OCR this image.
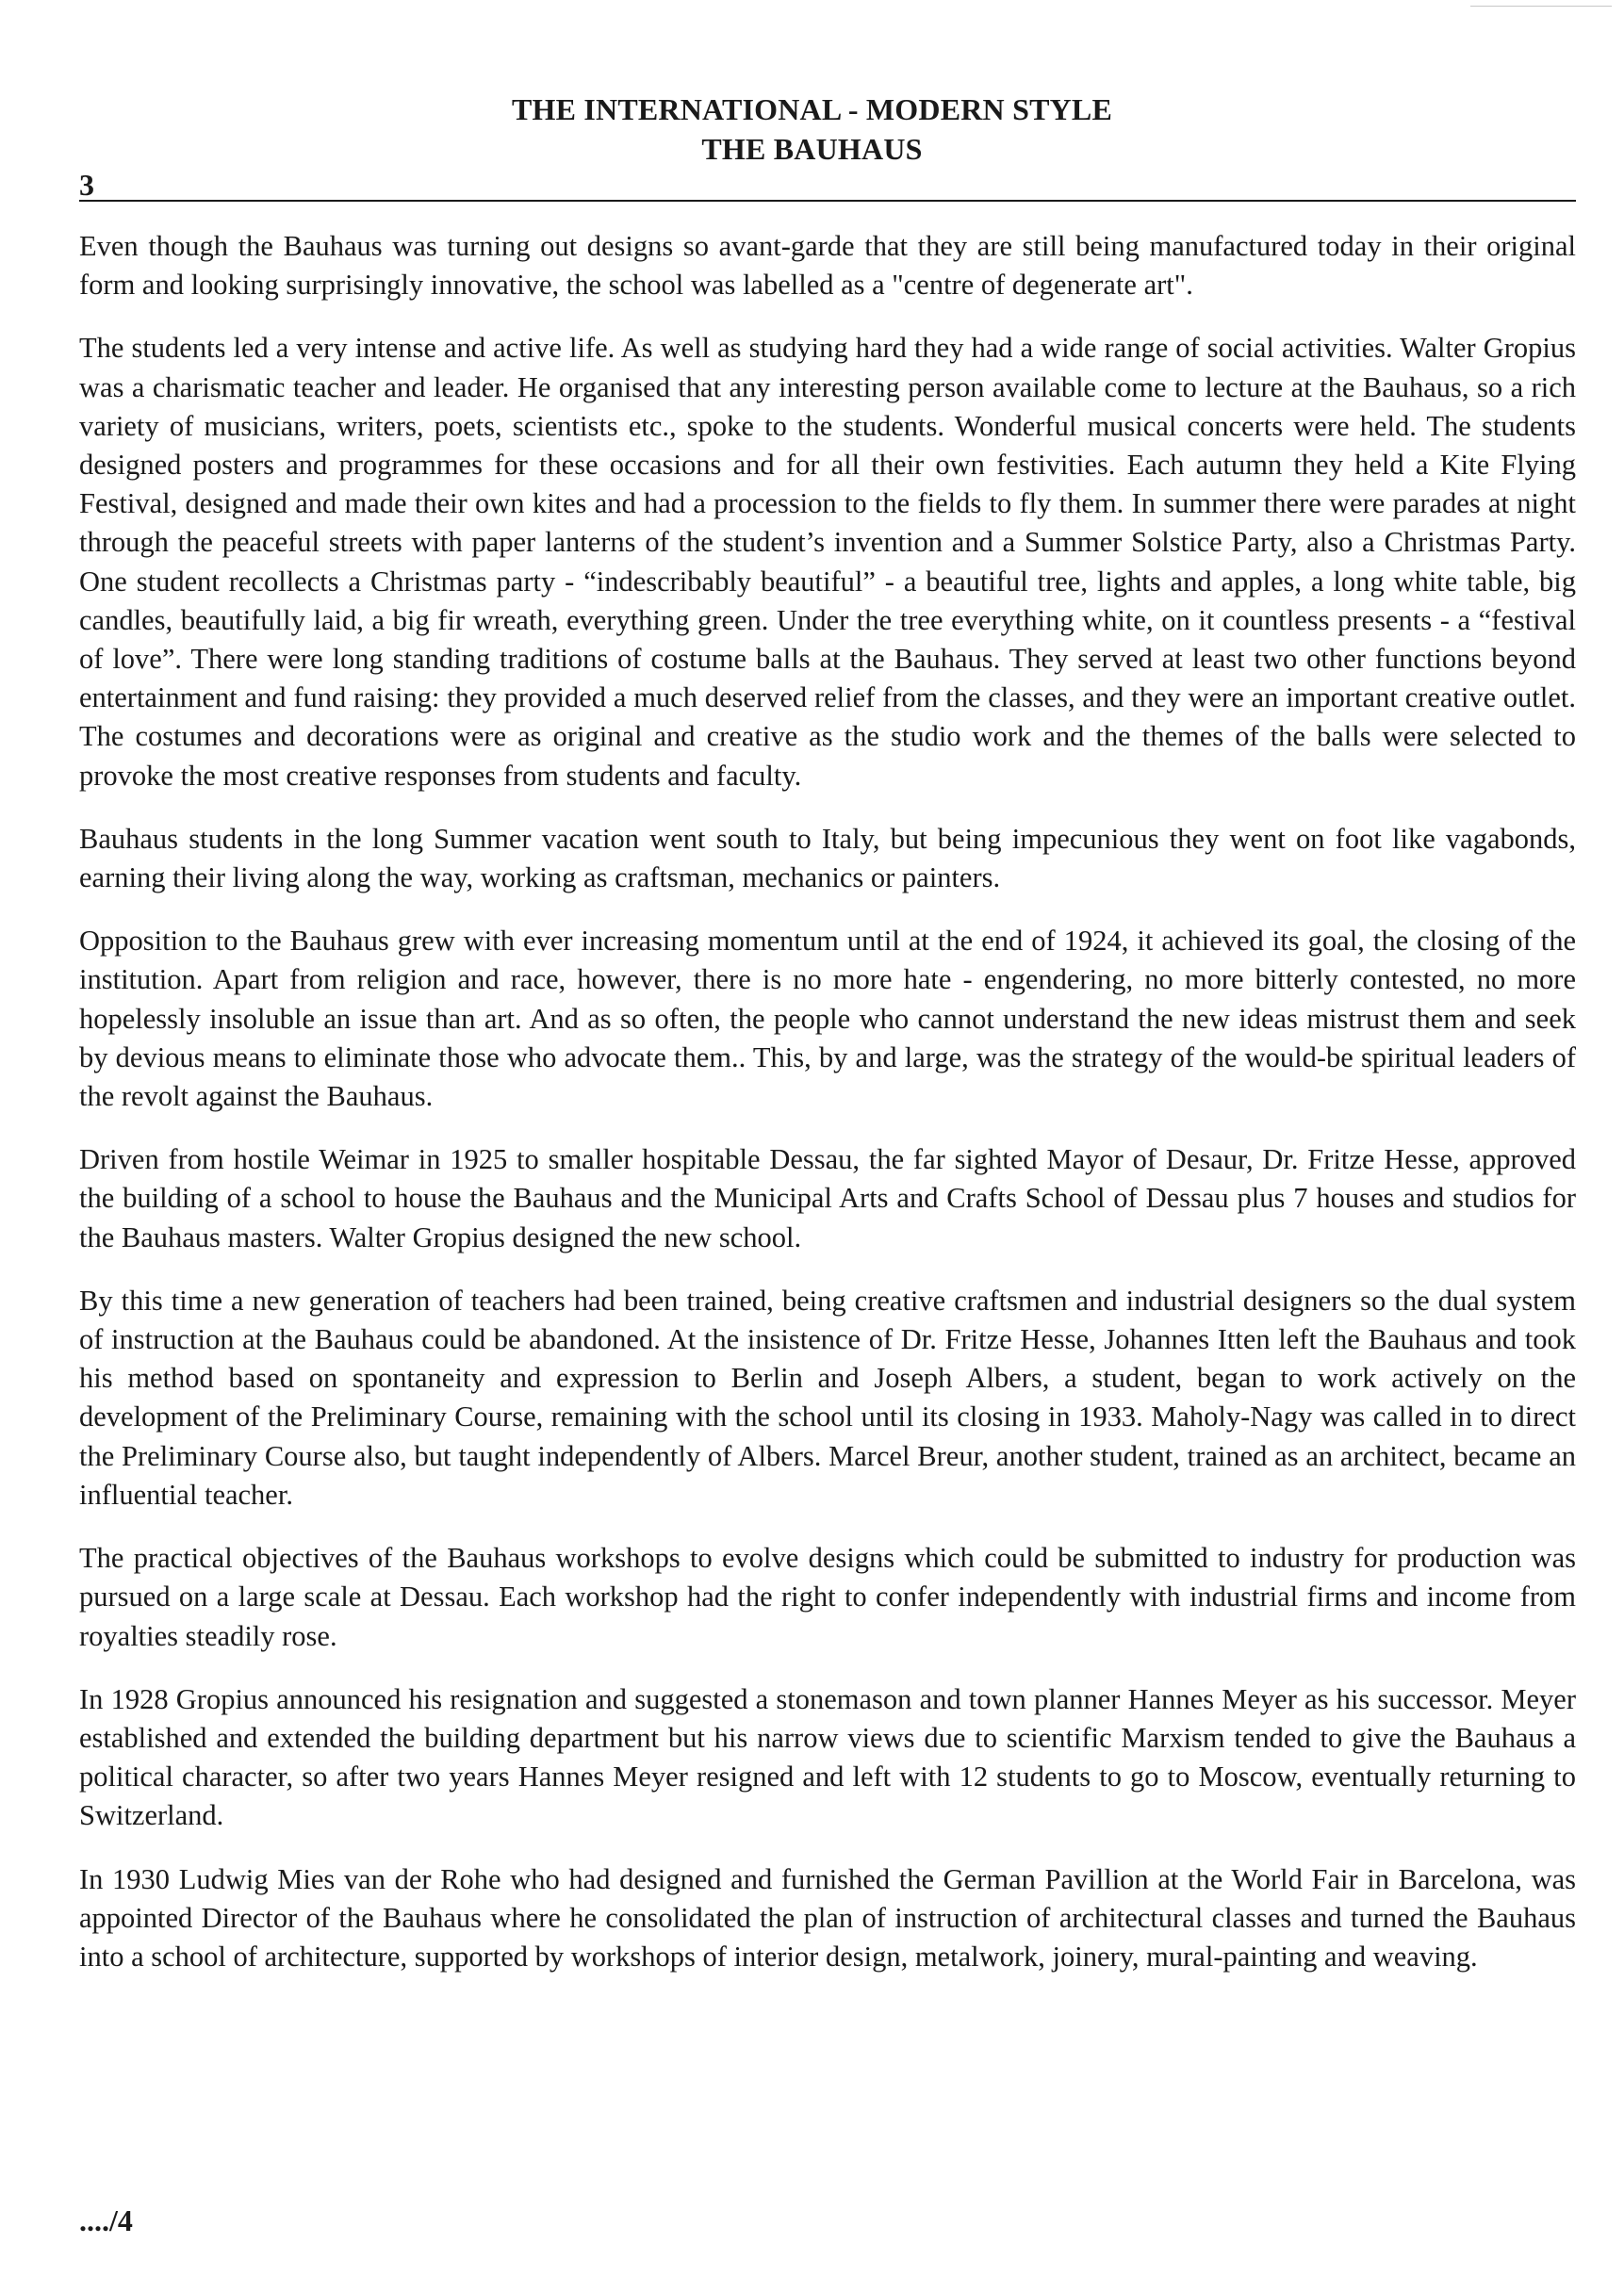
THE INTERNATIONAL - MODERN STYLE
THE BAUHAUS
3

Even though the Bauhaus was turning out designs so avant-garde that they are still being manufactured today in their original form and looking surprisingly innovative, the school was labelled as a "centre of degenerate art".

The students led a very intense and active life. As well as studying hard they had a wide range of social activities. Walter Gropius was a charismatic teacher and leader. He organised that any interesting person available come to lecture at the Bauhaus, so a rich variety of musicians, writers, poets, scientists etc., spoke to the students. Wonderful musical concerts were held. The students designed posters and programmes for these occasions and for all their own festivities. Each autumn they held a Kite Flying Festival, designed and made their own kites and had a procession to the fields to fly them. In summer there were parades at night through the peaceful streets with paper lanterns of the student’s invention and a Summer Solstice Party, also a Christmas Party. One student recollects a Christmas party - “indescribably beautiful” - a beautiful tree, lights and apples, a long white table, big candles, beautifully laid, a big fir wreath, everything green. Under the tree everything white, on it countless presents - a “festival of love”. There were long standing traditions of costume balls at the Bauhaus. They served at least two other functions beyond entertainment and fund raising: they provided a much deserved relief from the classes, and they were an important creative outlet. The costumes and decorations were as original and creative as the studio work and the themes of the balls were selected to provoke the most creative responses from students and faculty.

Bauhaus students in the long Summer vacation went south to Italy, but being impecunious they went on foot like vagabonds, earning their living along the way, working as craftsman, mechanics or painters.

Opposition to the Bauhaus grew with ever increasing momentum until at the end of 1924, it achieved its goal, the closing of the institution. Apart from religion and race, however, there is no more hate - engendering, no more bitterly contested, no more hopelessly insoluble an issue than art. And as so often, the people who cannot understand the new ideas mistrust them and seek by devious means to eliminate those who advocate them.. This, by and large, was the strategy of the would-be spiritual leaders of the revolt against the Bauhaus.

Driven from hostile Weimar in 1925 to smaller hospitable Dessau, the far sighted Mayor of Desaur, Dr. Fritze Hesse, approved the building of a school to house the Bauhaus and the Municipal Arts and Crafts School of Dessau plus 7 houses and studios for the Bauhaus masters. Walter Gropius designed the new school.

By this time a new generation of teachers had been trained, being creative craftsmen and industrial designers so the dual system of instruction at the Bauhaus could be abandoned. At the insistence of Dr. Fritze Hesse, Johannes Itten left the Bauhaus and took his method based on spontaneity and expression to Berlin and Joseph Albers, a student, began to work actively on the development of the Preliminary Course, remaining with the school until its closing in 1933. Maholy-Nagy was called in to direct the Preliminary Course also, but taught independently of Albers. Marcel Breur, another student, trained as an architect, became an influential teacher.

The practical objectives of the Bauhaus workshops to evolve designs which could be submitted to industry for production was pursued on a large scale at Dessau. Each workshop had the right to confer independently with industrial firms and income from royalties steadily rose.

In 1928 Gropius announced his resignation and suggested a stonemason and town planner Hannes Meyer as his successor. Meyer established and extended the building department but his narrow views due to scientific Marxism tended to give the Bauhaus a political character, so after two years Hannes Meyer resigned and left with 12 students to go to Moscow, eventually returning to Switzerland.

In 1930 Ludwig Mies van der Rohe who had designed and furnished the German Pavillion at the World Fair in Barcelona, was appointed Director of the Bauhaus where he consolidated the plan of instruction of architectural classes and turned the Bauhaus into a school of architecture, supported by workshops of interior design, metalwork, joinery, mural-painting and weaving.

..../4
